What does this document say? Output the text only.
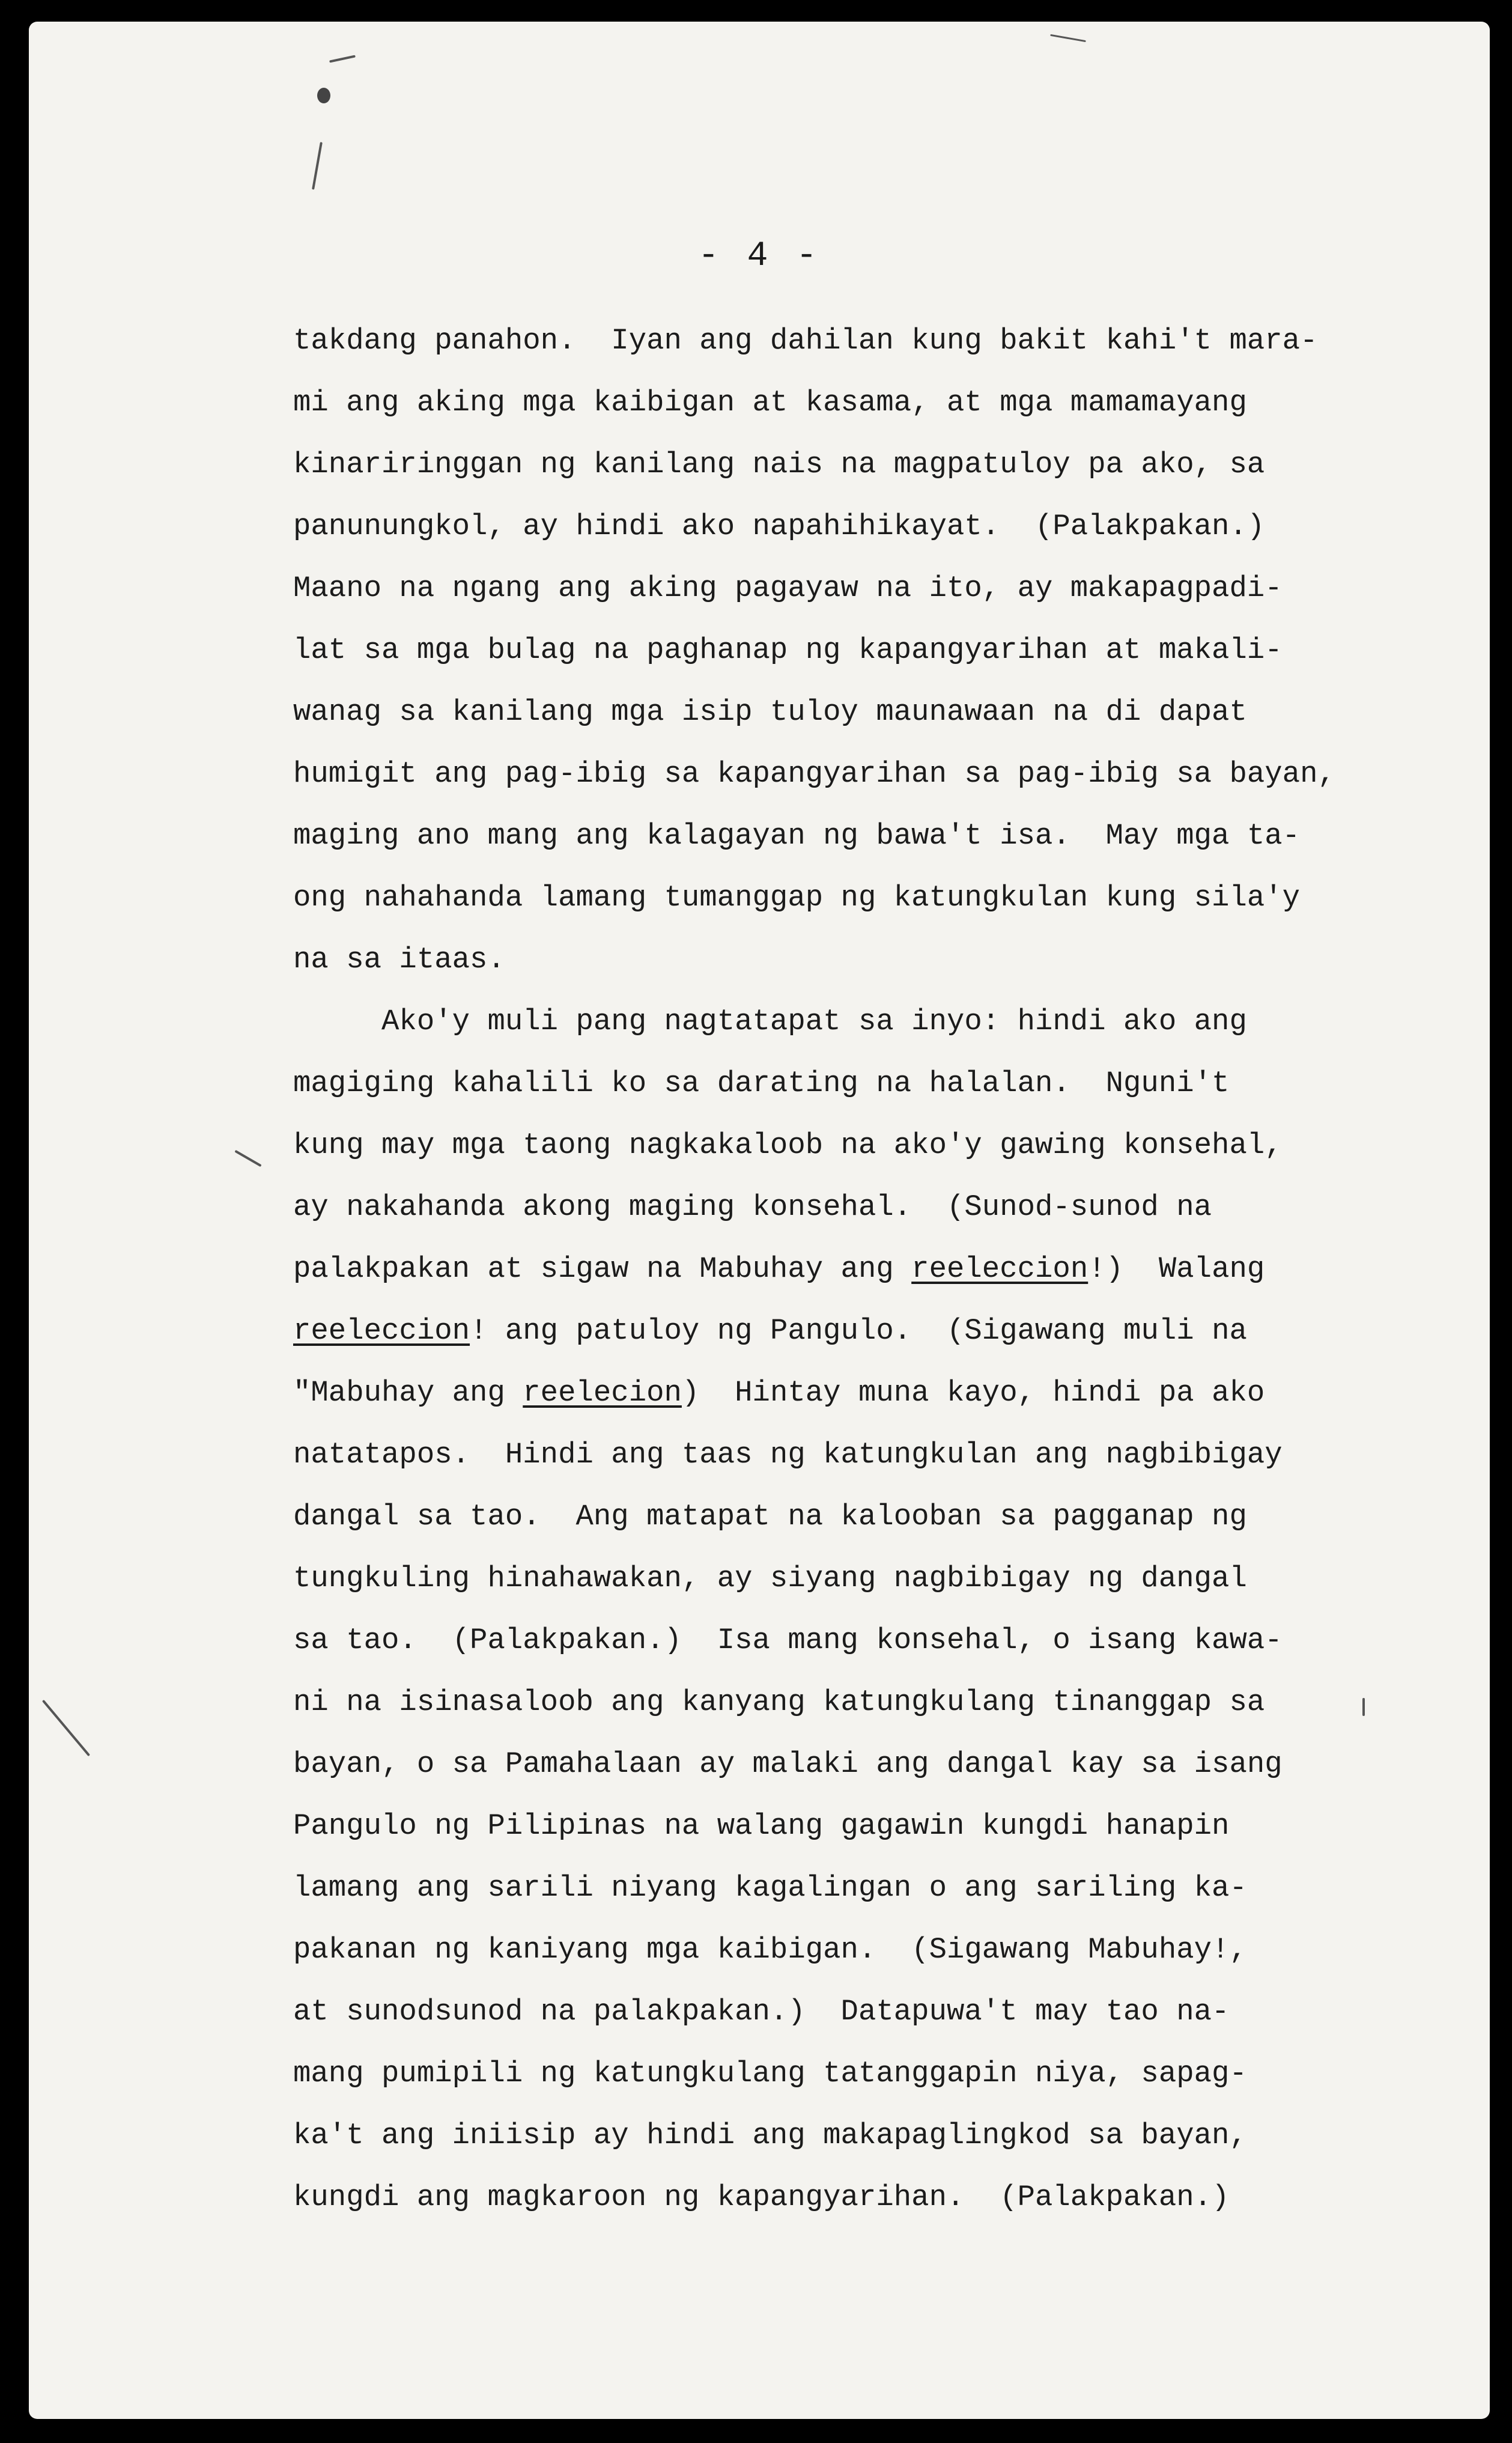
- 4 -
takdang panahon.  Iyan ang dahilan kung bakit kahi't mara-
mi ang aking mga kaibigan at kasama, at mga mamamayang
kinariringgan ng kanilang nais na magpatuloy pa ako, sa
panunungkol, ay hindi ako napahihikayat.  (Palakpakan.)
Maano na ngang ang aking pagayaw na ito, ay makapagpadi-
lat sa mga bulag na paghanap ng kapangyarihan at makali-
wanag sa kanilang mga isip tuloy maunawaan na di dapat
humigit ang pag-ibig sa kapangyarihan sa pag-ibig sa bayan,
maging ano mang ang kalagayan ng bawa't isa.  May mga ta-
ong nahahanda lamang tumanggap ng katungkulan kung sila'y
na sa itaas.
Ako'y muli pang nagtatapat sa inyo: hindi ako ang
magiging kahalili ko sa darating na halalan.  Nguni't
kung may mga taong nagkakaloob na ako'y gawing konsehal,
ay nakahanda akong maging konsehal.  (Sunod-sunod na
palakpakan at sigaw na Mabuhay ang reeleccion!)  Walang
reeleccion! ang patuloy ng Pangulo.  (Sigawang muli na
"Mabuhay ang reelecion)  Hintay muna kayo, hindi pa ako
natatapos.  Hindi ang taas ng katungkulan ang nagbibigay
dangal sa tao.  Ang matapat na kalooban sa pagganap ng
tungkuling hinahawakan, ay siyang nagbibigay ng dangal
sa tao.  (Palakpakan.)  Isa mang konsehal, o isang kawa-
ni na isinasaloob ang kanyang katungkulang tinanggap sa
bayan, o sa Pamahalaan ay malaki ang dangal kay sa isang
Pangulo ng Pilipinas na walang gagawin kungdi hanapin
lamang ang sarili niyang kagalingan o ang sariling ka-
pakanan ng kaniyang mga kaibigan.  (Sigawang Mabuhay!,
at sunodsunod na palakpakan.)  Datapuwa't may tao na-
mang pumipili ng katungkulang tatanggapin niya, sapag-
ka't ang iniisip ay hindi ang makapaglingkod sa bayan,
kungdi ang magkaroon ng kapangyarihan.  (Palakpakan.)
